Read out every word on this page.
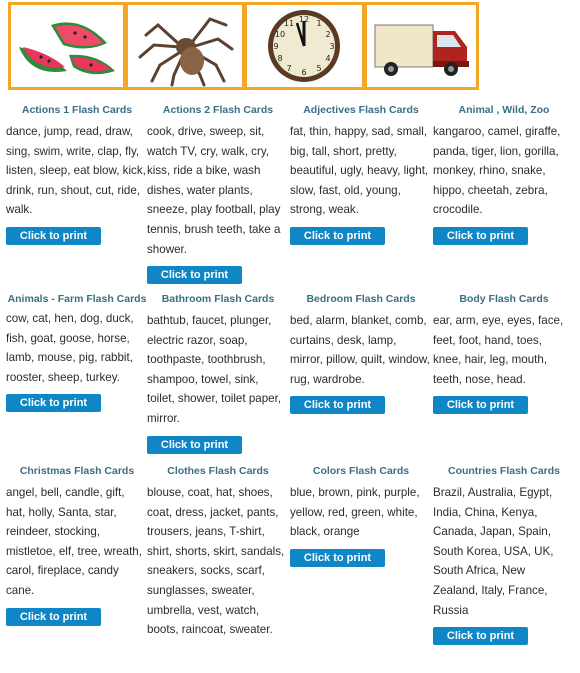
12 1
2
3
4
5
6
7
8
9
10
11
Actions 1 Flash Cards
dance, jump, read, draw, sing, swim, write, clap, fly, listen, sleep, eat blow, kick, drink, run, shout, cut, ride, walk.
Click to print
Actions 2 Flash Cards
cook, drive, sweep, sit, watch TV, cry, walk, cry, kiss, ride a bike, wash dishes, water plants, sneeze, play football, play tennis, brush teeth, take a shower.
Click to print
Adjectives Flash Cards
fat, thin, happy, sad, small, big, tall, short, pretty, beautiful, ugly, heavy, light, slow, fast, old, young, strong, weak.
Click to print
Animal , Wild, Zoo
kangaroo, camel, giraffe, panda, tiger, lion, gorilla, monkey, rhino, snake, hippo, cheetah, zebra, crocodile.
Click to print
Animals - Farm Flash Cards
cow, cat, hen, dog, duck, fish, goat, goose, horse, lamb, mouse, pig, rabbit, rooster, sheep, turkey.
Click to print
Bathroom Flash Cards
bathtub, faucet, plunger, electric razor, soap, toothpaste, toothbrush, shampoo, towel, sink, toilet, shower, toilet paper, mirror.
Click to print
Bedroom Flash Cards
bed, alarm, blanket, comb, curtains, desk, lamp, mirror, pillow, quilt, window, rug, wardrobe.
Click to print
Body Flash Cards
ear, arm, eye, eyes, face, feet, foot, hand, toes, knee, hair, leg, mouth, teeth, nose, head.
Click to print
Christmas Flash Cards
angel, bell, candle, gift, hat, holly, Santa, star, reindeer, stocking, mistletoe, elf, tree, wreath, carol, fireplace, candy cane.
Click to print
Clothes Flash Cards
blouse, coat, hat, shoes, coat, dress, jacket, pants, trousers, jeans, T-shirt, shirt, shorts, skirt, sandals, sneakers, socks, scarf, sunglasses, sweater, umbrella, vest, watch, boots, raincoat, sweater.
Colors Flash Cards
blue, brown, pink, purple, yellow, red, green, white, black, orange
Click to print
Countries Flash Cards
Brazil, Australia, Egypt, India, China, Kenya, Canada, Japan, Spain, South Korea, USA, UK, South Africa, New Zealand, Italy, France, Russia
Click to print
